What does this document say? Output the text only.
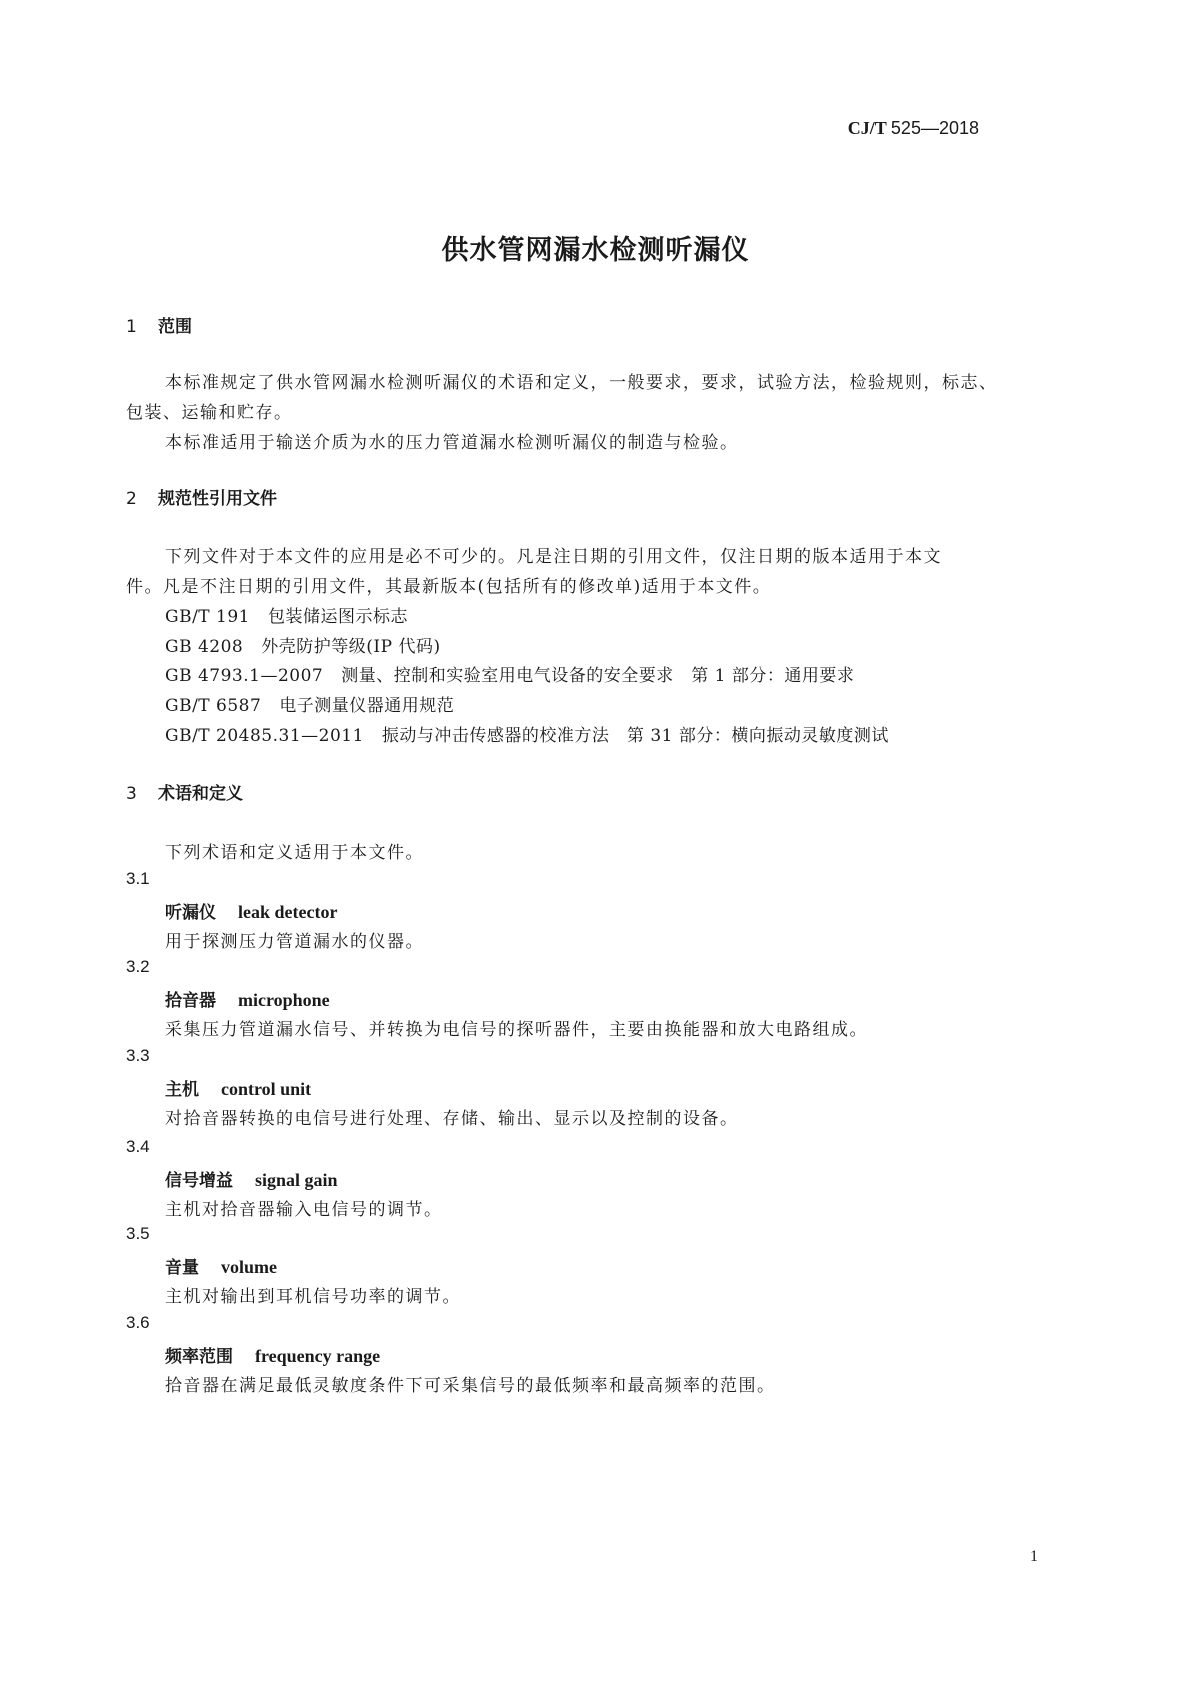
CJ/T 525—2018
供水管网漏水检测听漏仪
1 范围
本标准规定了供水管网漏水检测听漏仪的术语和定义，一般要求，要求，试验方法，检验规则，标志、
包装、运输和贮存。
本标准适用于输送介质为水的压力管道漏水检测听漏仪的制造与检验。
2 规范性引用文件
下列文件对于本文件的应用是必不可少的。凡是注日期的引用文件，仅注日期的版本适用于本文
件。凡是不注日期的引用文件，其最新版本(包括所有的修改单)适用于本文件。
GB/T 191 包装储运图示标志
GB 4208 外壳防护等级(IP 代码)
GB 4793.1—2007 测量、控制和实验室用电气设备的安全要求　第 1 部分：通用要求
GB/T 6587 电子测量仪器通用规范
GB/T 20485.31—2011 振动与冲击传感器的校准方法　第 31 部分：横向振动灵敏度测试
3 术语和定义
下列术语和定义适用于本文件。
3.1
听漏仪 leak detector
用于探测压力管道漏水的仪器。
3.2
拾音器 microphone
采集压力管道漏水信号、并转换为电信号的探听器件，主要由换能器和放大电路组成。
3.3
主机 control unit
对拾音器转换的电信号进行处理、存储、输出、显示以及控制的设备。
3.4
信号增益 signal gain
主机对拾音器输入电信号的调节。
3.5
音量 volume
主机对输出到耳机信号功率的调节。
3.6
频率范围 frequency range
拾音器在满足最低灵敏度条件下可采集信号的最低频率和最高频率的范围。
1
